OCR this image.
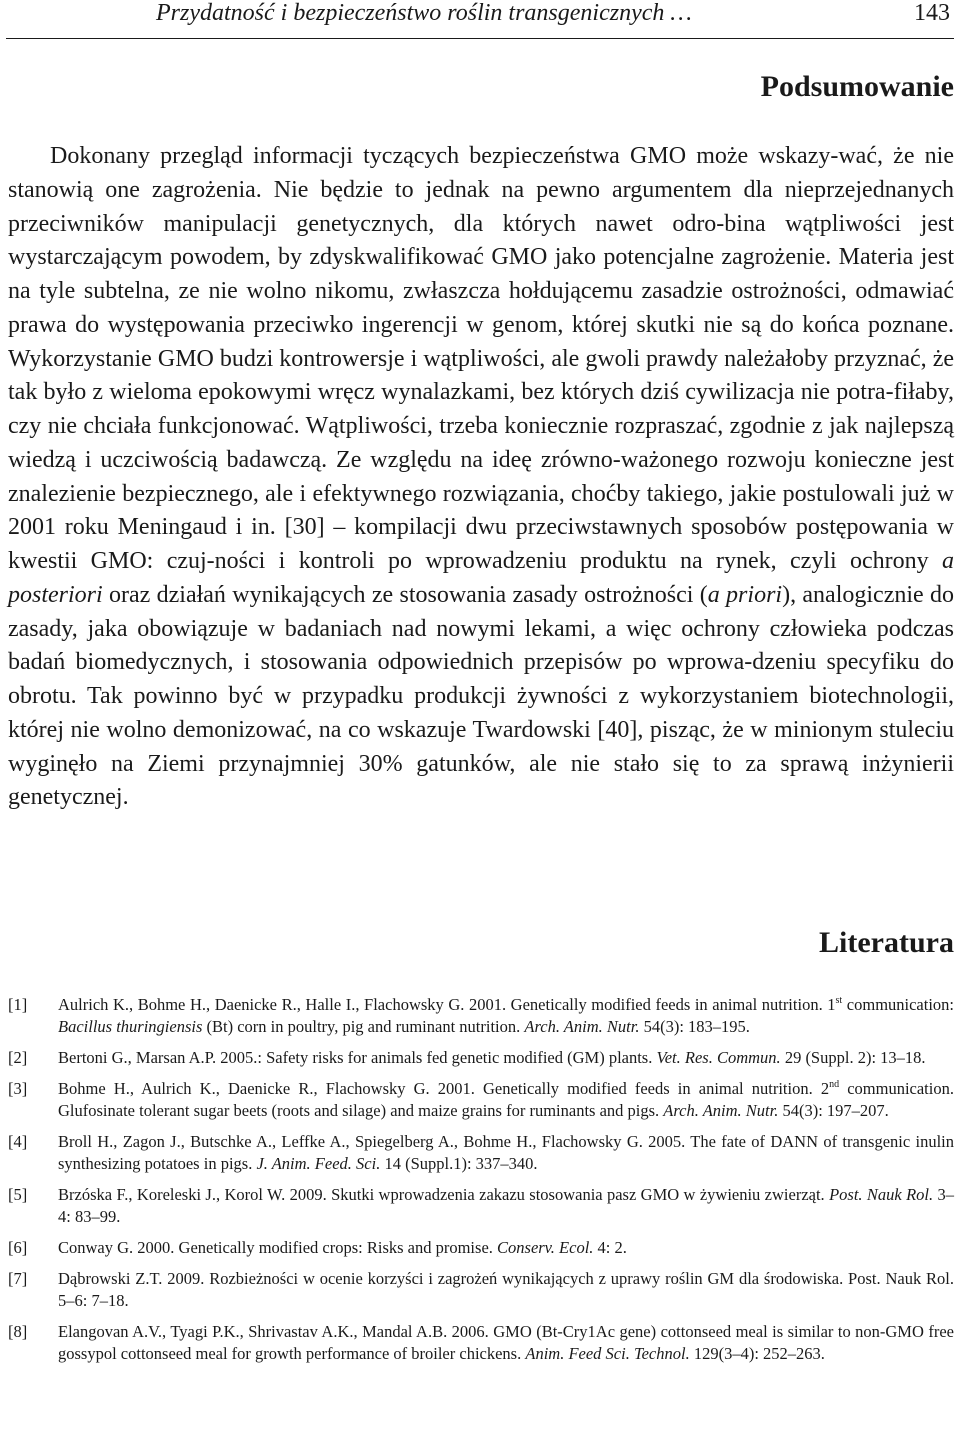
Przydatność i bezpieczeństwo roślin transgenicznych …	143
Podsumowanie
Dokonany przegląd informacji tyczących bezpieczeństwa GMO może wskazy-wać, że nie stanowią one zagrożenia. Nie będzie to jednak na pewno argumentem dla nieprzejednanych przeciwników manipulacji genetycznych, dla których nawet odro-bina wątpliwości jest wystarczającym powodem, by zdyskwalifikować GMO jako potencjalne zagrożenie. Materia jest na tyle subtelna, ze nie wolno nikomu, zwłaszcza hołdującemu zasadzie ostrożności, odmawiać prawa do występowania przeciwko ingerencji w genom, której skutki nie są do końca poznane. Wykorzystanie GMO budzi kontrowersje i wątpliwości, ale gwoli prawdy należałoby przyznać, że tak było z wieloma epokowymi wręcz wynalazkami, bez których dziś cywilizacja nie potra-fiłaby, czy nie chciała funkcjonować. Wątpliwości, trzeba koniecznie rozpraszać, zgodnie z jak najlepszą wiedzą i uczciwością badawczą. Ze względu na ideę zrówno-ważonego rozwoju konieczne jest znalezienie bezpiecznego, ale i efektywnego rozwiązania, choćby takiego, jakie postulowali już w 2001 roku Meningaud i in. [30] – kompilacji dwu przeciwstawnych sposobów postępowania w kwestii GMO: czuj-ności i kontroli po wprowadzeniu produktu na rynek, czyli ochrony a posteriori oraz działań wynikających ze stosowania zasady ostrożności (a priori), analogicznie do zasady, jaka obowiązuje w badaniach nad nowymi lekami, a więc ochrony człowieka podczas badań biomedycznych, i stosowania odpowiednich przepisów po wprowa-dzeniu specyfiku do obrotu. Tak powinno być w przypadku produkcji żywności z wykorzystaniem biotechnologii, której nie wolno demonizować, na co wskazuje Twardowski [40], pisząc, że w minionym stuleciu wyginęło na Ziemi przynajmniej 30% gatunków, ale nie stało się to za sprawą inżynierii genetycznej.
Literatura
[1] Aulrich K., Bohme H., Daenicke R., Halle I., Flachowsky G. 2001. Genetically modified feeds in animal nutrition. 1st communication: Bacillus thuringiensis (Bt) corn in poultry, pig and ruminant nutrition. Arch. Anim. Nutr. 54(3): 183–195.
[2] Bertoni G., Marsan A.P. 2005.: Safety risks for animals fed genetic modified (GM) plants. Vet. Res. Commun. 29 (Suppl. 2): 13–18.
[3] Bohme H., Aulrich K., Daenicke R., Flachowsky G. 2001. Genetically modified feeds in animal nutrition. 2nd communication. Glufosinate tolerant sugar beets (roots and silage) and maize grains for ruminants and pigs. Arch. Anim. Nutr. 54(3): 197–207.
[4] Broll H., Zagon J., Butschke A., Leffke A., Spiegelberg A., Bohme H., Flachowsky G. 2005. The fate of DANN of transgenic inulin synthesizing potatoes in pigs. J. Anim. Feed. Sci. 14 (Suppl.1): 337–340.
[5] Brzóska F., Koreleski J., Korol W. 2009. Skutki wprowadzenia zakazu stosowania pasz GMO w żywieniu zwierząt. Post. Nauk Rol. 3–4: 83–99.
[6] Conway G. 2000. Genetically modified crops: Risks and promise. Conserv. Ecol. 4: 2.
[7] Dąbrowski Z.T. 2009. Rozbieżności w ocenie korzyści i zagrożeń wynikających z uprawy roślin GM dla środowiska. Post. Nauk Rol. 5–6: 7–18.
[8] Elangovan A.V., Tyagi P.K., Shrivastav A.K., Mandal A.B. 2006. GMO (Bt-Cry1Ac gene) cottonseed meal is similar to non-GMO free gossypol cottonseed meal for growth performance of broiler chickens. Anim. Feed Sci. Technol. 129(3–4): 252–263.
